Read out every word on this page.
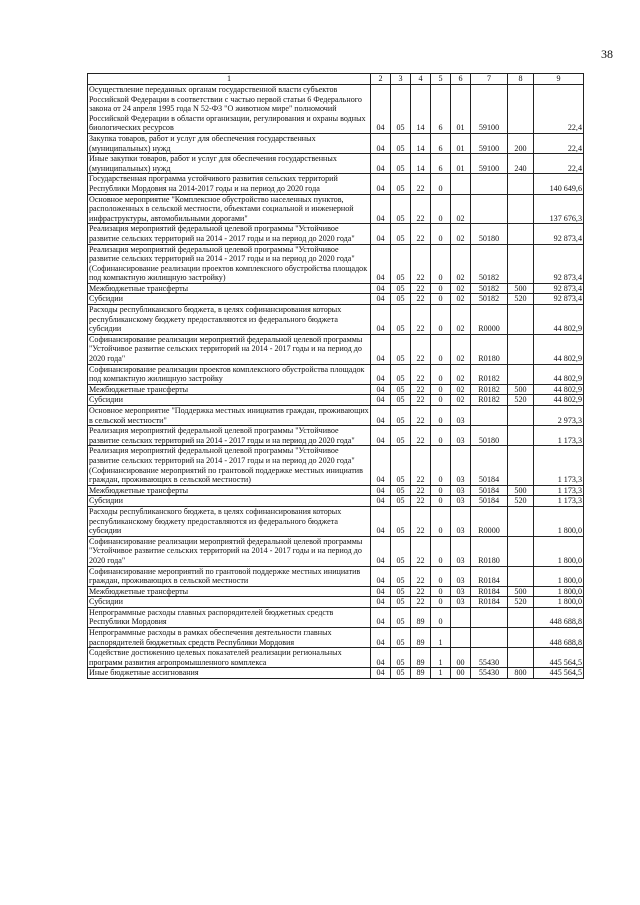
38
1	2	3	4	5	6	7	8	9
Осуществление переданных органам государственной власти субъектов Российской Федерации в соответствии с частью первой статьи 6 Федерального закона от 24 апреля 1995 года N 52-ФЗ "О животном мире" полномочий Российской Федерации в области организации, регулирования и охраны водных биологических ресурсов	04	05	14	6	01	59100		22,4
Закупка товаров, работ и услуг для обеспечения государственных (муниципальных) нужд	04	05	14	6	01	59100	200	22,4
Иные закупки товаров, работ и услуг для обеспечения государственных (муниципальных) нужд	04	05	14	6	01	59100	240	22,4
Государственная программа устойчивого развития сельских территорий Республики Мордовия на 2014-2017 годы и на период до 2020 года	04	05	22	0				140 649,6
Основное мероприятие "Комплексное обустройство населенных пунктов, расположенных в сельской местности, объектами социальной и инженерной инфраструктуры, автомобильными дорогами"	04	05	22	0	02			137 676,3
Реализация мероприятий федеральной целевой программы "Устойчивое развитие сельских территорий на 2014 - 2017 годы и на период до 2020 года"	04	05	22	0	02	50180		92 873,4
Реализация мероприятий федеральной целевой программы "Устойчивое развитие сельских территорий на 2014 - 2017 годы и на период до 2020 года" (Софинансирование реализации проектов комплексного обустройства площадок под компактную жилищную застройку)	04	05	22	0	02	50182		92 873,4
Межбюджетные трансферты	04	05	22	0	02	50182	500	92 873,4
Субсидии	04	05	22	0	02	50182	520	92 873,4
Расходы республиканского бюджета, в целях софинансирования которых республиканскому бюджету предоставляются из федерального бюджета субсидии	04	05	22	0	02	R0000		44 802,9
Софинансирование реализации мероприятий федеральной целевой программы "Устойчивое развитие сельских территорий на 2014 - 2017 годы и на период до 2020 года"	04	05	22	0	02	R0180		44 802,9
Софинансирование реализации проектов комплексного обустройства площадок под компактную жилищную застройку	04	05	22	0	02	R0182		44 802,9
Межбюджетные трансферты	04	05	22	0	02	R0182	500	44 802,9
Субсидии	04	05	22	0	02	R0182	520	44 802,9
Основное мероприятие "Поддержка местных инициатив граждан, проживающих в сельской местности"	04	05	22	0	03			2 973,3
Реализация мероприятий федеральной целевой программы "Устойчивое развитие сельских территорий на 2014 - 2017 годы и на период до 2020 года"	04	05	22	0	03	50180		1 173,3
Реализация мероприятий федеральной целевой программы "Устойчивое развитие сельских территорий на 2014 - 2017 годы и на период до 2020 года" (Софинансирование мероприятий по грантовой поддержке местных инициатив граждан, проживающих в сельской местности)	04	05	22	0	03	50184		1 173,3
Межбюджетные трансферты	04	05	22	0	03	50184	500	1 173,3
Субсидии	04	05	22	0	03	50184	520	1 173,3
Расходы республиканского бюджета, в целях софинансирования которых республиканскому бюджету предоставляются из федерального бюджета субсидии	04	05	22	0	03	R0000		1 800,0
Софинансирование реализации мероприятий федеральной целевой программы "Устойчивое развитие сельских территорий на 2014 - 2017 годы и на период до 2020 года"	04	05	22	0	03	R0180		1 800,0
Софинансирование мероприятий по грантовой поддержке местных инициатив граждан, проживающих в сельской местности	04	05	22	0	03	R0184		1 800,0
Межбюджетные трансферты	04	05	22	0	03	R0184	500	1 800,0
Субсидии	04	05	22	0	03	R0184	520	1 800,0
Непрограммные расходы главных распорядителей бюджетных средств Республики Мордовия	04	05	89	0				448 688,8
Непрограммные расходы в рамках обеспечения деятельности главных распорядителей бюджетных средств Республики Мордовия	04	05	89	1				448 688,8
Содействие достижению целевых показателей реализации региональных программ развития агропромышленного комплекса	04	05	89	1	00	55430		445 564,5
Иные бюджетные ассигнования	04	05	89	1	00	55430	800	445 564,5
